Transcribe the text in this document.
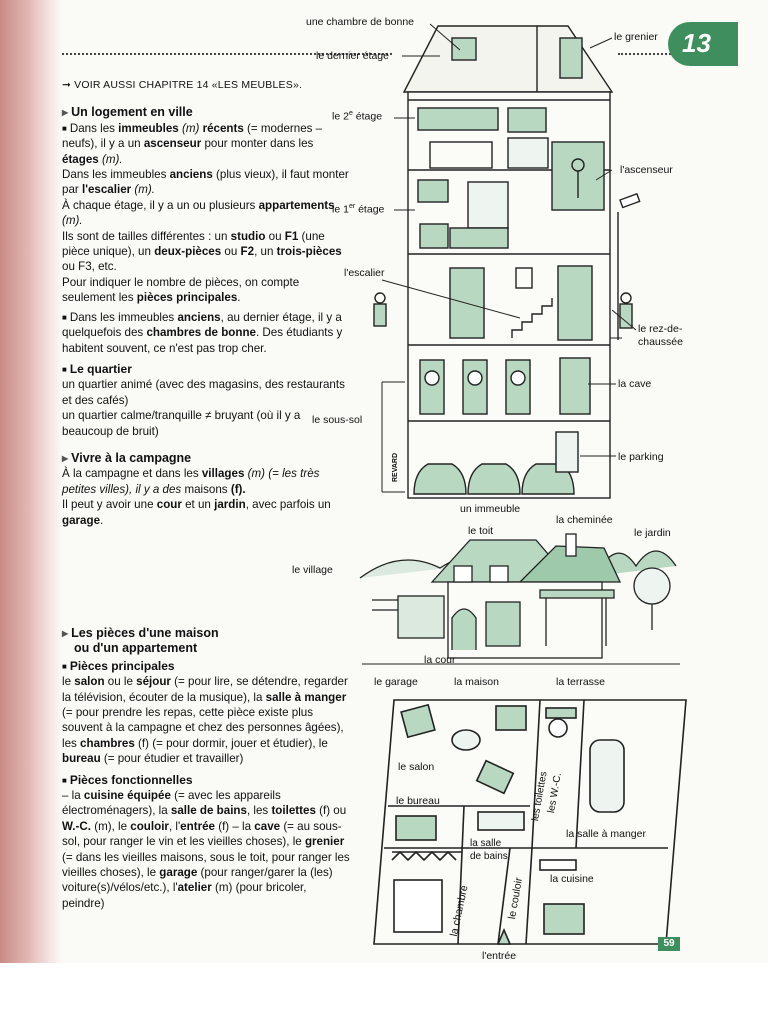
13

➞ VOIR AUSSI CHAPITRE 14 «LES MEUBLES».

▶ Un logement en ville

■ Dans les immeubles (m) récents (= modernes – neufs), il y a un ascenseur pour monter dans les étages (m).

Dans les immeubles anciens (plus vieux), il faut monter par l'escalier (m).

À chaque étage, il y a un ou plusieurs appartements (m).

Ils sont de tailles différentes : un studio ou F1 (une pièce unique), un deux-pièces ou F2, un trois-pièces ou F3, etc.

Pour indiquer le nombre de pièces, on compte seulement les pièces principales.

■ Dans les immeubles anciens, au dernier étage, il y a quelquefois des chambres de bonne. Des étudiants y habitent souvent, ce n'est pas trop cher.

■ Le quartier

un quartier animé (avec des magasins, des restaurants et des cafés)

un quartier calme/tranquille ≠ bruyant (où il y a beaucoup de bruit)

▶ Vivre à la campagne

À la campagne et dans les villages (m) (= les très petites villes), il y a des maisons (f).

Il peut y avoir une cour et un jardin, avec parfois un garage.

▶ Les pièces d'une maison

ou d'un appartement

■ Pièces principales

le salon ou le séjour (= pour lire, se détendre, regarder la télévision, écouter de la musique), la salle à manger (= pour prendre les repas, cette pièce existe plus souvent à la campagne et chez des personnes âgées), les chambres (f) (= pour dormir, jouer et étudier), le bureau (= pour étudier et travailler)

■ Pièces fonctionnelles

– la cuisine équipée (= avec les appareils électroménagers), la salle de bains, les toilettes (f) ou W.-C. (m), le couloir, l'entrée (f) – la cave (= au sous-sol, pour ranger le vin et les vieilles choses), le grenier (= dans les vieilles maisons, sous le toit, pour ranger les vieilles choses), le garage (pour ranger/garer la (les) voiture(s)/vélos/etc.), l'atelier (m) (pour bricoler, peindre)

une chambre de bonne
le dernier étage
le grenier
le 2e étage
l'ascenseur
le 1er étage
l'escalier
le rez-de-chaussée
la cave
le sous-sol
le parking
REVARD
un immeuble
le toit
la cheminée
le jardin
le village
la cour
le garage	la maison	la terrasse
le salon
le bureau	les toilettes
les W.-C.
la salle à manger
la salle
de bains
la cuisine
la chambre	le couloir
l'entrée
59
